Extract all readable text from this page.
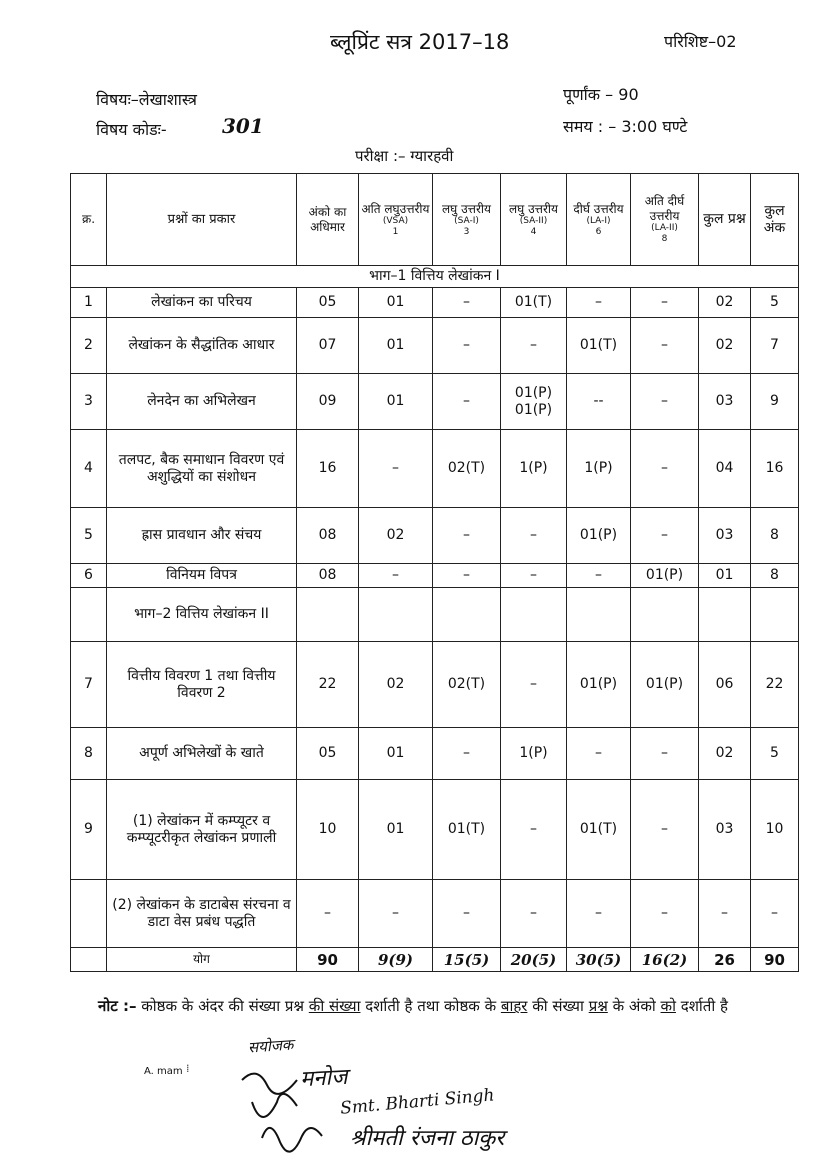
ब्लूप्रिंट सत्र 2017–18	परिशिष्ट–02
विषयः–लेखाशास्त्र
विषय कोडः-	301
पूर्णांक – 90
समय : – 3:00 घण्टे
परीक्षा :– ग्यारहवी
क्र.	प्रश्नों का प्रकार	अंको का अधिमार	अति लघुउत्तरीय
(VSA)
1	लघु उत्तरीय
(SA-I)
3	लघु उत्तरीय
(SA-II)
4	दीर्घ उत्तरीय
(LA-I)
6	अति दीर्घ उत्तरीय
(LA-II)
8	कुल प्रश्न	कुल अंक
भाग–1 वित्तिय लेखांकन I									
1	लेखांकन का परिचय	05	01	–	01(T)	–	–	02	5
2	लेखांकन के सैद्धांतिक आधार	07	01	–	–	01(T)	–	02	7
3	लेनदेन का अभिलेखन	09	01	–	01(P) 01(P)	--	–	03	9
4	तलपट, बैक समाधान विवरण एवं अशुद्धियों का संशोधन	16	–	02(T)	1(P)	1(P)	–	04	16
5	ह्रास प्रावधान और संचय	08	02	–	–	01(P)	–	03	8
6	विनियम विपत्र	08	–	–	–	–	01(P)	01	8
	भाग–2 वित्तिय लेखांकन II								
7	वित्तीय विवरण 1 तथा वित्तीय विवरण 2	22	02	02(T)	–	01(P)	01(P)	06	22
8	अपूर्ण अभिलेखों के खाते	05	01	–	1(P)	–	–	02	5
9	(1) लेखांकन में कम्प्यूटर व कम्प्यूटरीकृत लेखांकन प्रणाली	10	01	01(T)	–	01(T)	–	03	10
	(2) लेखांकन के डाटाबेस संरचना व डाटा वेस प्रबंध पद्धति	–	–	–	–	–	–	–	–
	योग	90	9(9)	15(5)	20(5)	30(5)	16(2)	26	90
नोट :– कोष्ठक के अंदर की संख्या प्रश्न की संख्या दर्शाती है तथा कोष्ठक के बाहर की संख्या प्रश्न के अंको को दर्शाती है
A. mam ⁞
सयोजक
मनोज
Smt. Bharti Singh
श्रीमती रंजना ठाकुर
